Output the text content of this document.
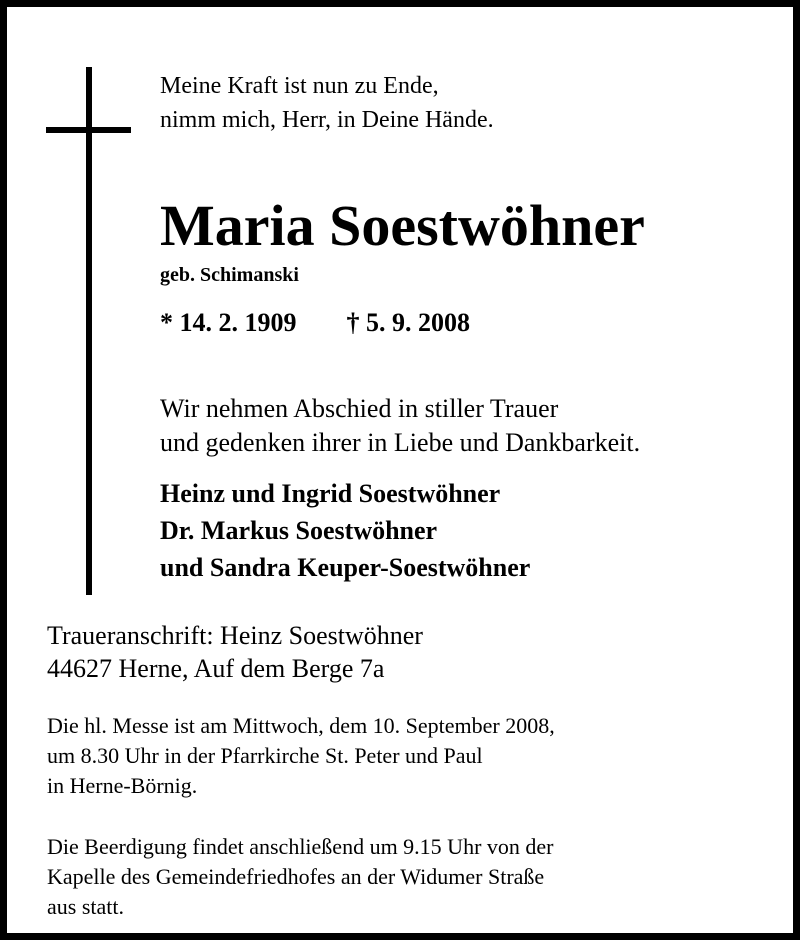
Meine Kraft ist nun zu Ende,
nimm mich, Herr, in Deine Hände.

Maria Soestwöhner
geb. Schimanski
* 14. 2. 1909 † 5. 9. 2008

Wir nehmen Abschied in stiller Trauer
und gedenken ihrer in Liebe und Dankbarkeit.

Heinz und Ingrid Soestwöhner
Dr. Markus Soestwöhner
und Sandra Keuper-Soestwöhner

Traueranschrift: Heinz Soestwöhner
44627 Herne, Auf dem Berge 7a

Die hl. Messe ist am Mittwoch, dem 10. September 2008,
um 8.30 Uhr in der Pfarrkirche St. Peter und Paul
in Herne-Börnig.

Die Beerdigung findet anschließend um 9.15 Uhr von der
Kapelle des Gemeindefriedhofes an der Widumer Straße
aus statt.
